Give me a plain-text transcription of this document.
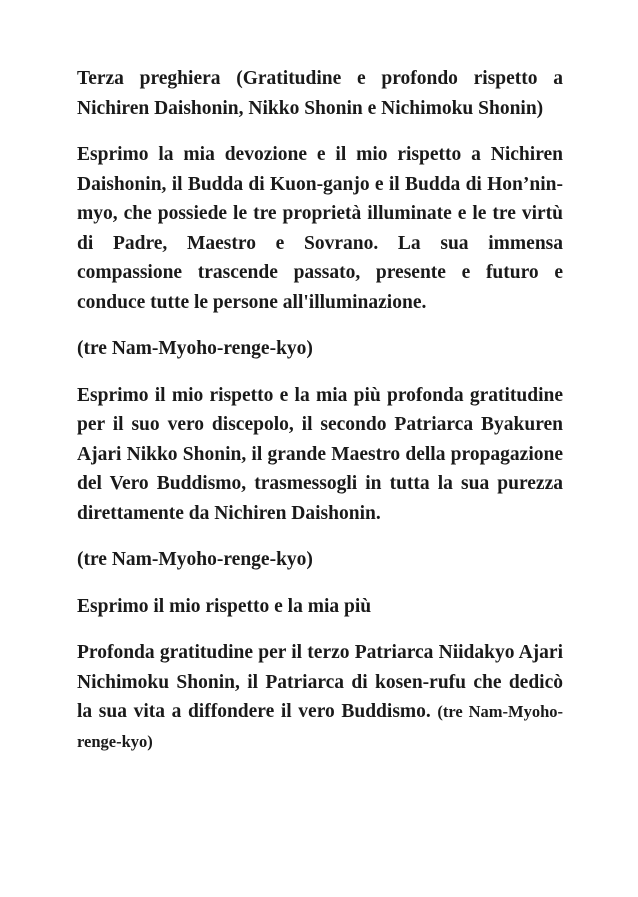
Terza preghiera (Gratitudine e profondo rispetto a Nichiren Daishonin, Nikko Shonin e Nichimoku Shonin)

Esprimo la mia devozione e il mio rispetto a Nichiren Daishonin, il Budda di Kuon-ganjo e il Budda di Hon’nin-myo, che possiede le tre proprietà illuminate e le tre virtù di Padre, Maestro e Sovrano. La sua immensa compassione trascende passato, presente e futuro e conduce tutte le persone all'illuminazione.

(tre Nam-Myoho-renge-kyo)

Esprimo il mio rispetto e la mia più profonda gratitudine per il suo vero discepolo, il secondo Patriarca Byakuren Ajari Nikko Shonin, il grande Maestro della propagazione del Vero Buddismo, trasmessogli in tutta la sua purezza direttamente da Nichiren Daishonin.

(tre Nam-Myoho-renge-kyo)

Esprimo il mio rispetto e la mia più

Profonda gratitudine per il terzo Patriarca Niidakyo Ajari Nichimoku Shonin, il Patriarca di kosen-rufu che dedicò la sua vita a diffondere il vero Buddismo. (tre Nam-Myoho-renge-kyo)
